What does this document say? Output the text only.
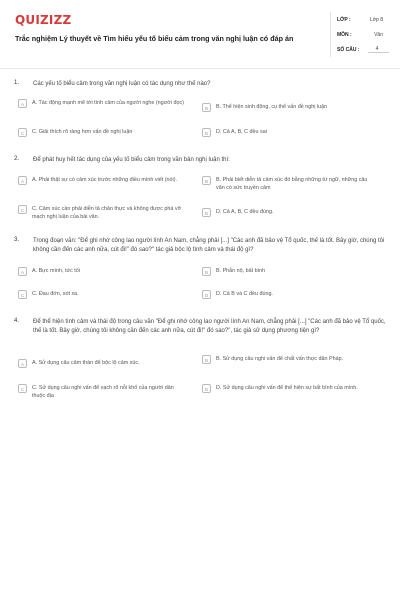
QUIZIZZ
Trắc nghiệm Lý thuyết về Tìm hiểu yếu tố biểu cảm trong văn nghị luận có đáp án
LỚP :	Lớp 8
MÔN :	Văn
SỐ CÂU :	4
1. Các yếu tố biểu cảm trong văn nghị luận có tác dụng như thế nào?
A	A. Tác động mạnh mẽ tới tình cảm của người nghe (người đọc)
B	B. Thể hiện sinh động, cụ thể vấn đề nghị luận
C	C. Giải thích rõ ràng hơn vấn đề nghị luận	D	D. Cả A, B, C đều sai
2. Để phát huy hết tác dụng của yếu tố biểu cảm trong văn bản nghị luận thì:
A	A. Phải thật sự có cảm xúc trước những điều mình viết (nói).	B	B. Phải biết diễn tả cảm xúc đó bằng những từ ngữ, những câu văn có sức truyền cảm
C	C. Cảm xúc cần phải diễn tả chân thực và không được phá vỡ mạch nghị luận của bài văn.
D	D. Cả A, B, C đều đúng.
3. Trong đoạn văn: "Để ghi nhớ công lao người lính An Nam, chẳng phải [...] "Các anh đã bảo vệ Tổ quốc, thế là tốt. Bây giờ, chúng tôi không cần đến các anh nữa, cút đi!" đó sao?" tác giả bộc lộ tình cảm và thái độ gì?
A	A. Bực mình, tức tối	B	B. Phẫn nộ, bất bình
C	C. Đau đớn, xót xa.	D	D. Cả B và C đều đúng.
4. Để thể hiện tình cảm và thái độ trong câu văn "Để ghi nhớ công lao người lính An Nam, chẳng phải [...] "Các anh đã bảo vệ Tổ quốc, thế là tốt. Bây giờ, chúng tôi không cần đến các anh nữa, cút đi!" đó sao?", tác giả sử dụng phương tiện gì?
A	A. Sử dụng câu cảm thán để bộc lộ cảm xúc.	B	B. Sử dụng câu nghi vấn để chất vấn thực dân Pháp.
C	C. Sử dụng câu nghi vấn để vạch rõ nỗi khổ của người dân thuộc địa
D	D. Sử dụng câu nghi vấn để thể hiện sự bất bình của mình.
